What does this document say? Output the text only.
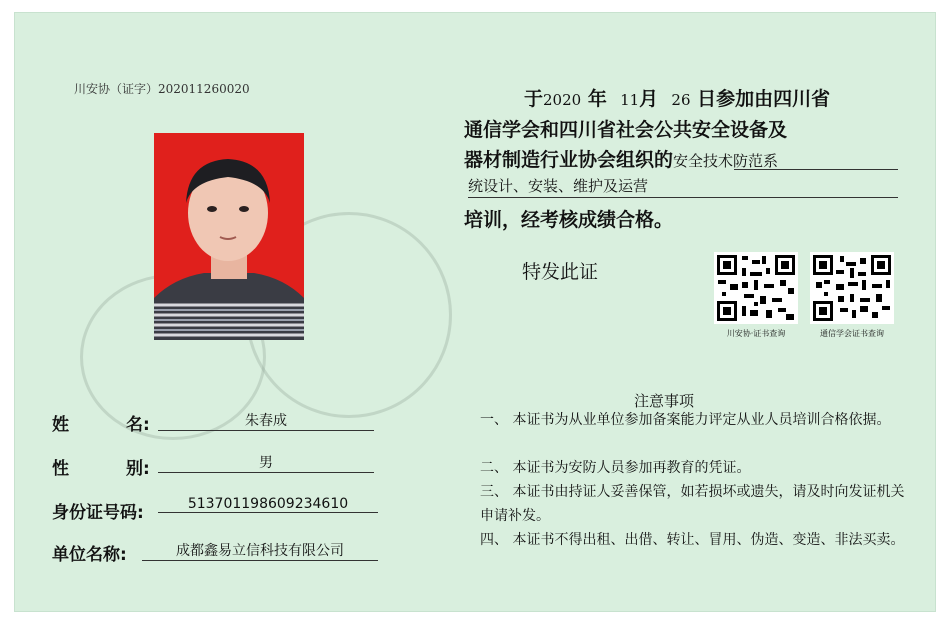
川安协（证字）202011260020	于2020 年 11月 26 日参加由四川省
通信学会和四川省社会公共安全设备及
器材制造行业协会组织的安全技术防范系
统设计、安装、维护及运营
培训，经考核成绩合格。
特发此证
川安协·证书查询	通信学会证书查询
姓	名:	朱春成
性	别:	男
身份证号码:	513701198609234610
单位名称:	成都鑫易立信科技有限公司
注意事项
一、 本证书为从业单位参加备案能力评定从业人员培训合格依据。
二、 本证书为安防人员参加再教育的凭证。
三、 本证书由持证人妥善保管，如若损坏或遗失，请及时向发证机关申请补发。
四、 本证书不得出租、出借、转让、冒用、伪造、变造、非法买卖。
